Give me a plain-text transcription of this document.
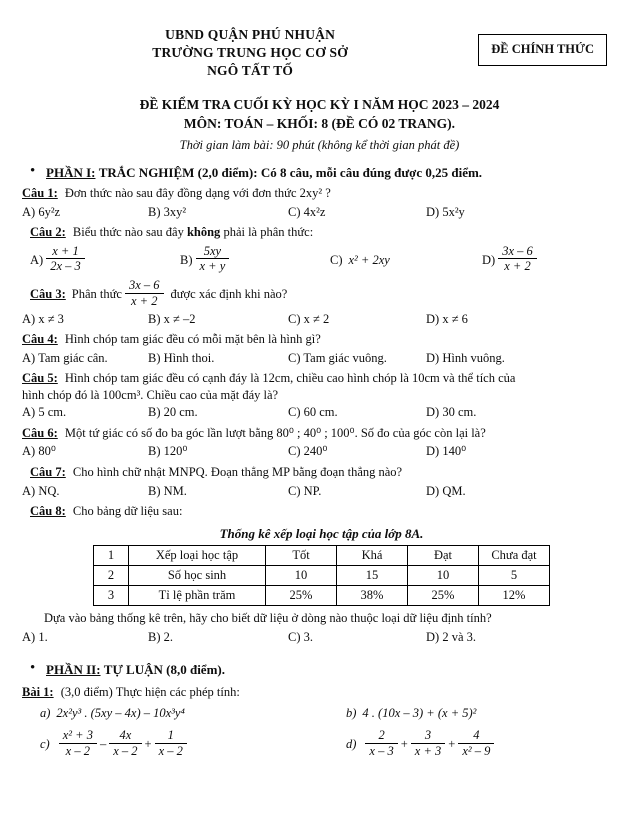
UBND QUẬN PHÚ NHUẬN
TRƯỜNG TRUNG HỌC CƠ SỞ
NGÔ TẤT TỐ
ĐỀ CHÍNH THỨC
ĐỀ KIỂM TRA CUỐI KỲ HỌC KỲ I NĂM HỌC 2023 – 2024
MÔN: TOÁN – KHỐI: 8 (ĐỀ CÓ 02 TRANG).
Thời gian làm bài: 90 phút (không kể thời gian phát đề)
• PHẦN I: TRẮC NGHIỆM (2,0 điểm): Có 8 câu, mỗi câu đúng được 0,25 điểm.
Câu 1: Đơn thức nào sau đây đồng dạng với đơn thức 2xy² ?
A) 6y²z	B) 3xy²	C) 4x²z	D) 5x²y
Câu 2: Biểu thức nào sau đây không phải là phân thức:
$A) \frac{x + 1}{2x - 3}$	$B) \frac{5xy}{x + y}$	C) x² + 2xy	$D) \frac{3x - 6}{x + 2}$
Câu 3: Phân thức $\frac{3x - 6}{x + 2}$ được xác định khi nào?
A) x ≠ 3	B) x ≠ –2	C) x ≠ 2	D) x ≠ 6
Câu 4: Hình chóp tam giác đều có mỗi mặt bên là hình gì?
A) Tam giác cân.	B) Hình thoi.	C) Tam giác vuông.	D) Hình vuông.
Câu 5: Hình chóp tam giác đều có cạnh đáy là 12cm, chiều cao hình chóp là 10cm và thể tích của
hình chóp đó là 100cm³. Chiều cao của mặt đáy là?
A) 5 cm.	B) 20 cm.	C) 60 cm.	D) 30 cm.
Câu 6: Một tứ giác có số đo ba góc lần lượt bằng 80⁰ ; 40⁰ ; 100⁰. Số đo của góc còn lại là?
A) 80⁰	B) 120⁰	C) 240⁰	D) 140⁰
Câu 7: Cho hình chữ nhật MNPQ. Đoạn thẳng MP bằng đoạn thẳng nào?
A) NQ.	B) NM.	C) NP.	D) QM.
Câu 8: Cho bảng dữ liệu sau:
Thống kê xếp loại học tập của lớp 8A.
1	Xếp loại học tập	Tốt	Khá	Đạt	Chưa đạt
2	Số học sinh	10	15	10	5
3	Tỉ lệ phần trăm	25%	38%	25%	12%
Dựa vào bảng thống kê trên, hãy cho biết dữ liệu ở dòng nào thuộc loại dữ liệu định tính?
A) 1.	B) 2.	C) 3.	D) 2 và 3.
• PHẦN II: TỰ LUẬN (8,0 điểm).
Bài 1: (3,0 điểm) Thực hiện các phép tính:
a) 2x²y³ . (5xy – 4x) – 10x³y⁴	b) 4 . (10x – 3) + (x + 5)²
$c) \frac{\text{x² + 3}}{x - 2} - \frac{4x}{x - 2} + \frac{1}{x - 2}$	$d) \frac{2}{x - 3} + \frac{3}{x + 3} + \frac{4}{\text{x² – 9}}$
